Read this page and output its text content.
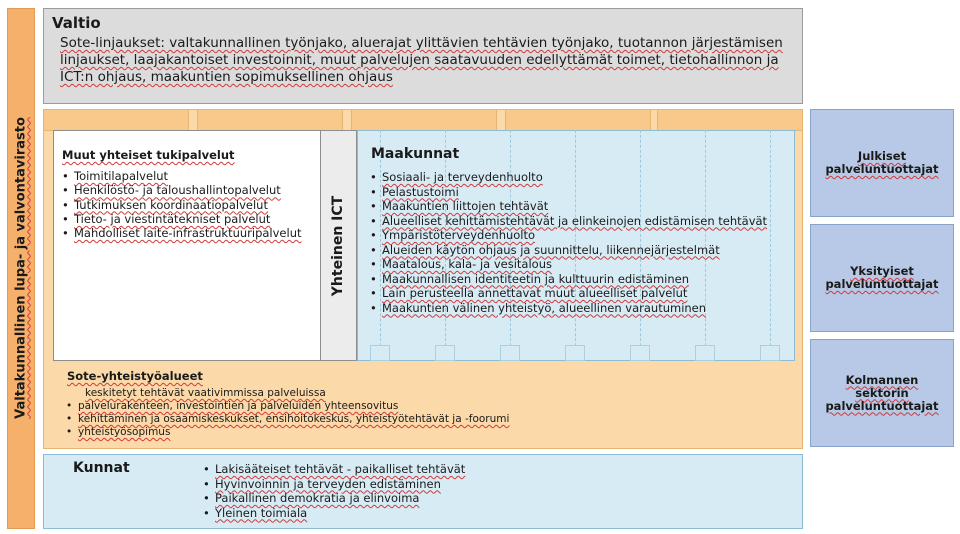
Valtakunnallinen lupa- ja valvontavirasto
Valtio
Sote-linjaukset: valtakunnallinen työnjako, aluerajat ylittävien tehtävien työnjako, tuotannon järjestämisen linjaukset, laajakantoiset investoinnit, muut palvelujen saatavuuden edellyttämät toimet, tietohallinnon ja ICT:n ohjaus, maakuntien sopimuksellinen ohjaus
Muut yhteiset tukipalvelut
• Toimitilapalvelut
• Henkilöstö- ja taloushallintopalvelut
• Tutkimuksen koordinaatiopalvelut
• Tieto- ja viestintätekniset palvelut
• Mahdolliset laite-infrastruktuuripalvelut	Yhteinen ICT
Maakunnat
• Sosiaali- ja terveydenhuolto
• Pelastustoimi
• Maakuntien liittojen tehtävät
• Alueelliset kehittämistehtävät ja elinkeinojen edistämisen tehtävät
• Ympäristöterveydenhuolto
• Alueiden käytön ohjaus ja suunnittelu, liikennejärjestelmät
• Maatalous, kala- ja vesitalous
• Maakunnallisen identiteetin ja kulttuurin edistäminen
• Lain perusteella annettavat muut alueelliset palvelut
• Maakuntien välinen yhteistyö, alueellinen varautuminen
Sote-yhteistyöalueet
keskitetyt tehtävät vaativimmissa palveluissa
• palvelurakenteen, investointien ja palveluiden yhteensovitus
• kehittäminen ja osaamiskeskukset, ensihoitokeskus, yhteistyötehtävät ja -foorumi
• yhteistyösopimus
Kunnat
•	Lakisääteiset tehtävät - paikalliset tehtävät
• Hyvinvoinnin ja terveyden edistäminen
• Paikallinen demokratia ja elinvoima
• Yleinen toimiala
Julkiset palveluntuottajat
Yksityiset palveluntuottajat
Kolmannen sektorin palveluntuottajat
